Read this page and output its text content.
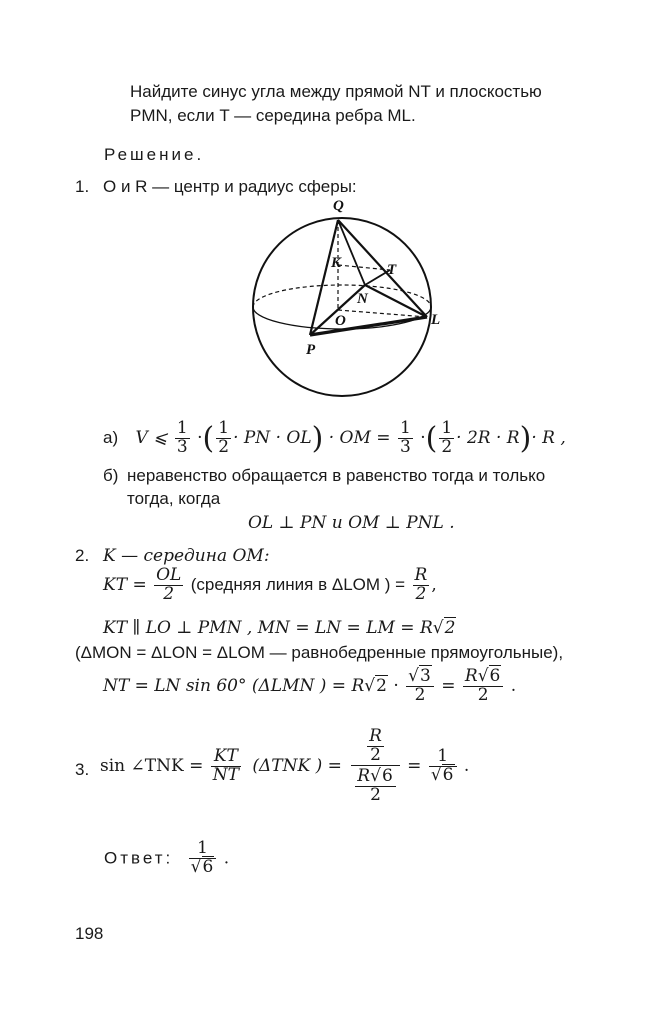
Найдите синус угла между прямой NT и плоскостью
PMN, если T — середина ребра ML.
Решение.
1. O и R — центр и радиус сферы:
Q
K	T
N
O	L
P
а) V ⩽ $\frac{1}{3}$ ·( $\frac{1}{2}$ · PN · OL) · OM = $\frac{1}{3}$ ·( $\frac{1}{2} \cdot 2R \cdot R)\cdot R$ ,
б) неравенство обращается в равенство тогда и только
тогда, когда
OL ⊥ PN и OM ⊥ PNL .
2. K — середина OM:
KT = $\frac{OL}{2}$ (средняя линия в ΔLOM ) = $\frac{R}{2}$ ,
KT ∥ LO ⊥ PMN , MN = LN = LM = R√2
(ΔMON = ΔLON = ΔLOM — равнобедренные прямоугольные),
NT = LN sin 60° (ΔLMN ) = $R√2 \cdot \frac{√3}{2} = \frac{R√6}{2}$ .
3. sin ∠TNK = $\frac{KT}{NT} (\Delta TNK$ ) = $\frac{\frac{R}{2}}{\frac{R√6}{2}} = \frac{1}{√6}$ .
Ответ: $\frac{1}{√6}$ .
198
